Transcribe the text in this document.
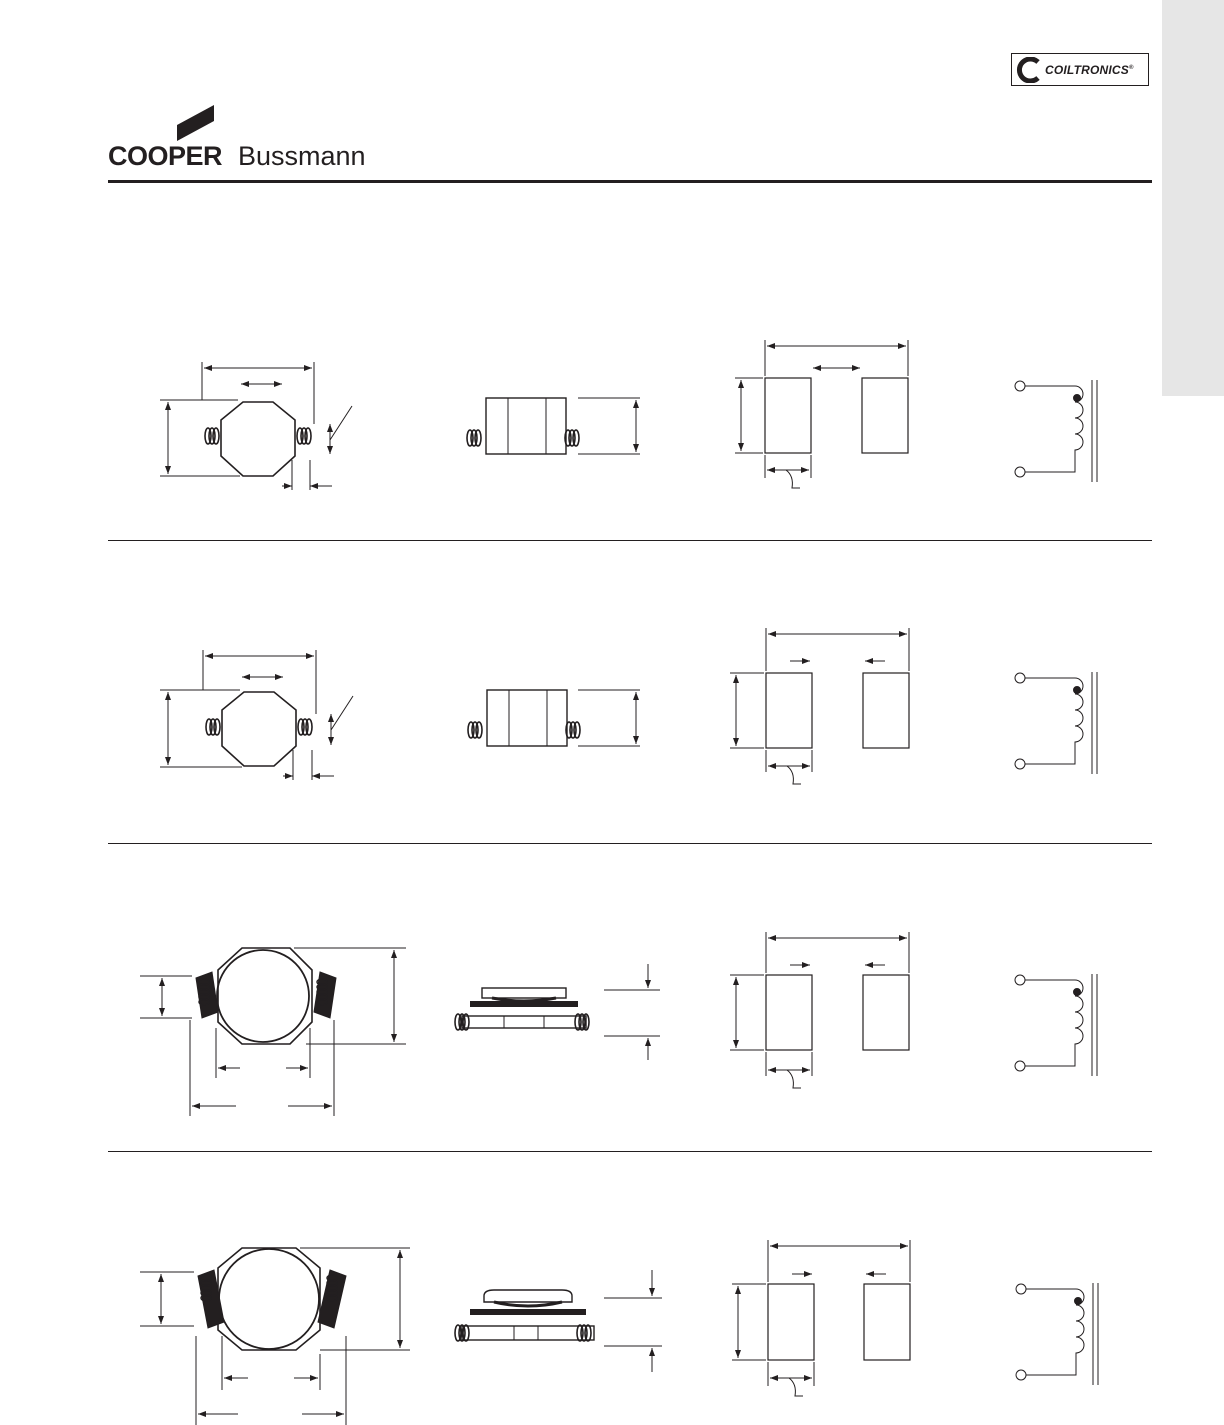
COILTRONICS®
COOPER Bussmann
